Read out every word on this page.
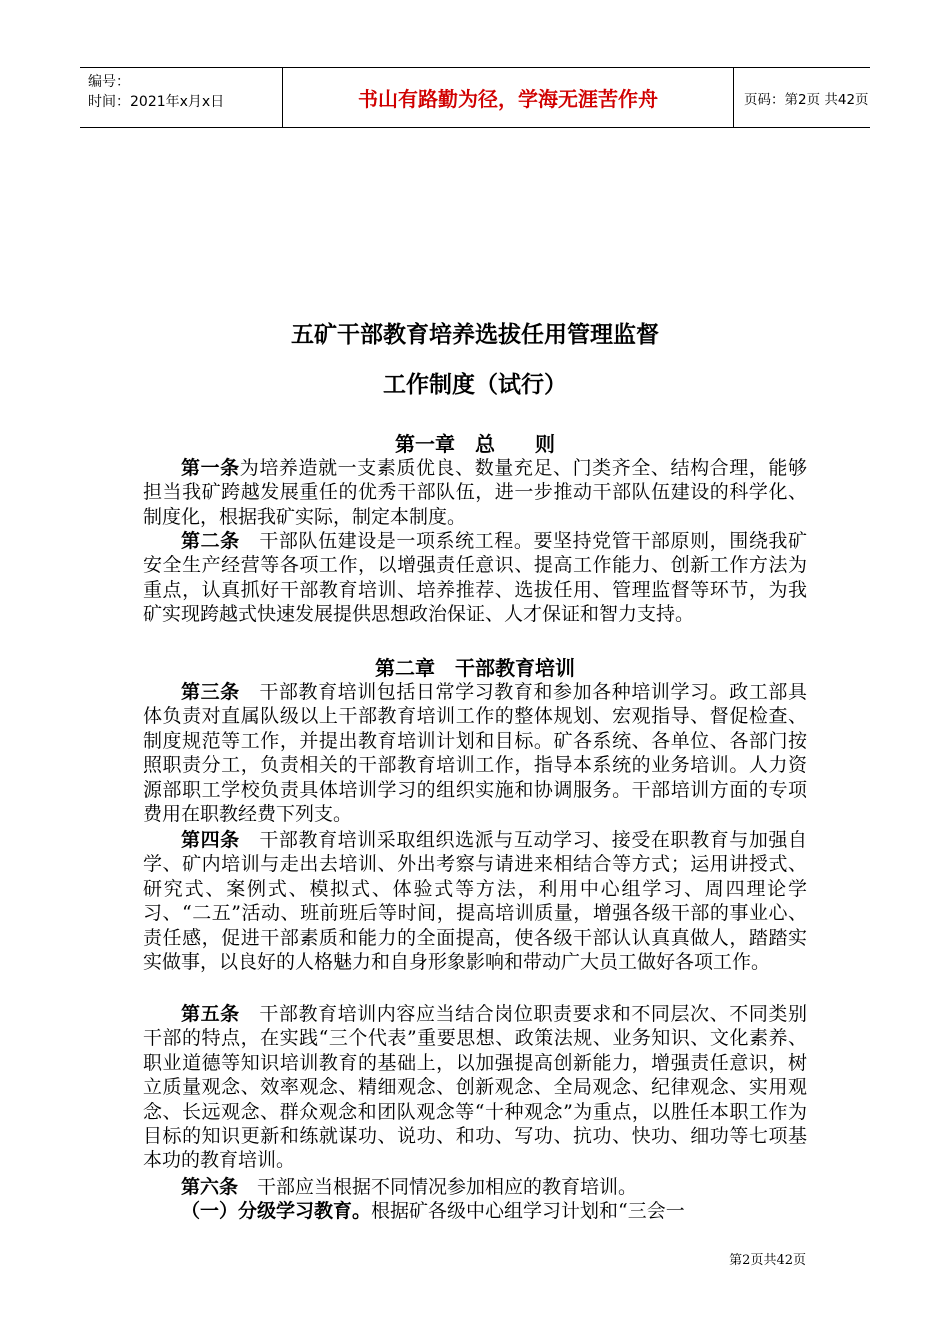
编号：
时间：2021年x月x日	书山有路勤为径，学海无涯苦作舟	页码：第2页 共42页
五矿干部教育培养选拔任用管理监督
工作制度（试行）
第一章　总　　则
第一条为培养造就一支素质优良、数量充足、门类齐全、结构合理，能够担当我矿跨越发展重任的优秀干部队伍，进一步推动干部队伍建设的科学化、制度化，根据我矿实际，制定本制度。
第二条　干部队伍建设是一项系统工程。要坚持党管干部原则，围绕我矿安全生产经营等各项工作，以增强责任意识、提高工作能力、创新工作方法为重点，认真抓好干部教育培训、培养推荐、选拔任用、管理监督等环节，为我矿实现跨越式快速发展提供思想政治保证、人才保证和智力支持。
第二章　干部教育培训
第三条　干部教育培训包括日常学习教育和参加各种培训学习。政工部具体负责对直属队级以上干部教育培训工作的整体规划、宏观指导、督促检查、制度规范等工作，并提出教育培训计划和目标。矿各系统、各单位、各部门按照职责分工，负责相关的干部教育培训工作，指导本系统的业务培训。人力资源部职工学校负责具体培训学习的组织实施和协调服务。干部培训方面的专项费用在职教经费下列支。
第四条　干部教育培训采取组织选派与互动学习、接受在职教育与加强自学、矿内培训与走出去培训、外出考察与请进来相结合等方式；运用讲授式、研究式、案例式、模拟式、体验式等方法，利用中心组学习、周四理论学习、“二五”活动、班前班后等时间，提高培训质量，增强各级干部的事业心、责任感，促进干部素质和能力的全面提高，使各级干部认认真真做人，踏踏实实做事，以良好的人格魅力和自身形象影响和带动广大员工做好各项工作。
第五条　干部教育培训内容应当结合岗位职责要求和不同层次、不同类别干部的特点，在实践“三个代表”重要思想、政策法规、业务知识、文化素养、职业道德等知识培训教育的基础上，以加强提高创新能力，增强责任意识，树立质量观念、效率观念、精细观念、创新观念、全局观念、纪律观念、实用观念、长远观念、群众观念和团队观念等“十种观念”为重点，以胜任本职工作为目标的知识更新和练就谋功、说功、和功、写功、抗功、快功、细功等七项基本功的教育培训。
第六条　干部应当根据不同情况参加相应的教育培训。
（一）分级学习教育。根据矿各级中心组学习计划和“三会一
第2页共42页
